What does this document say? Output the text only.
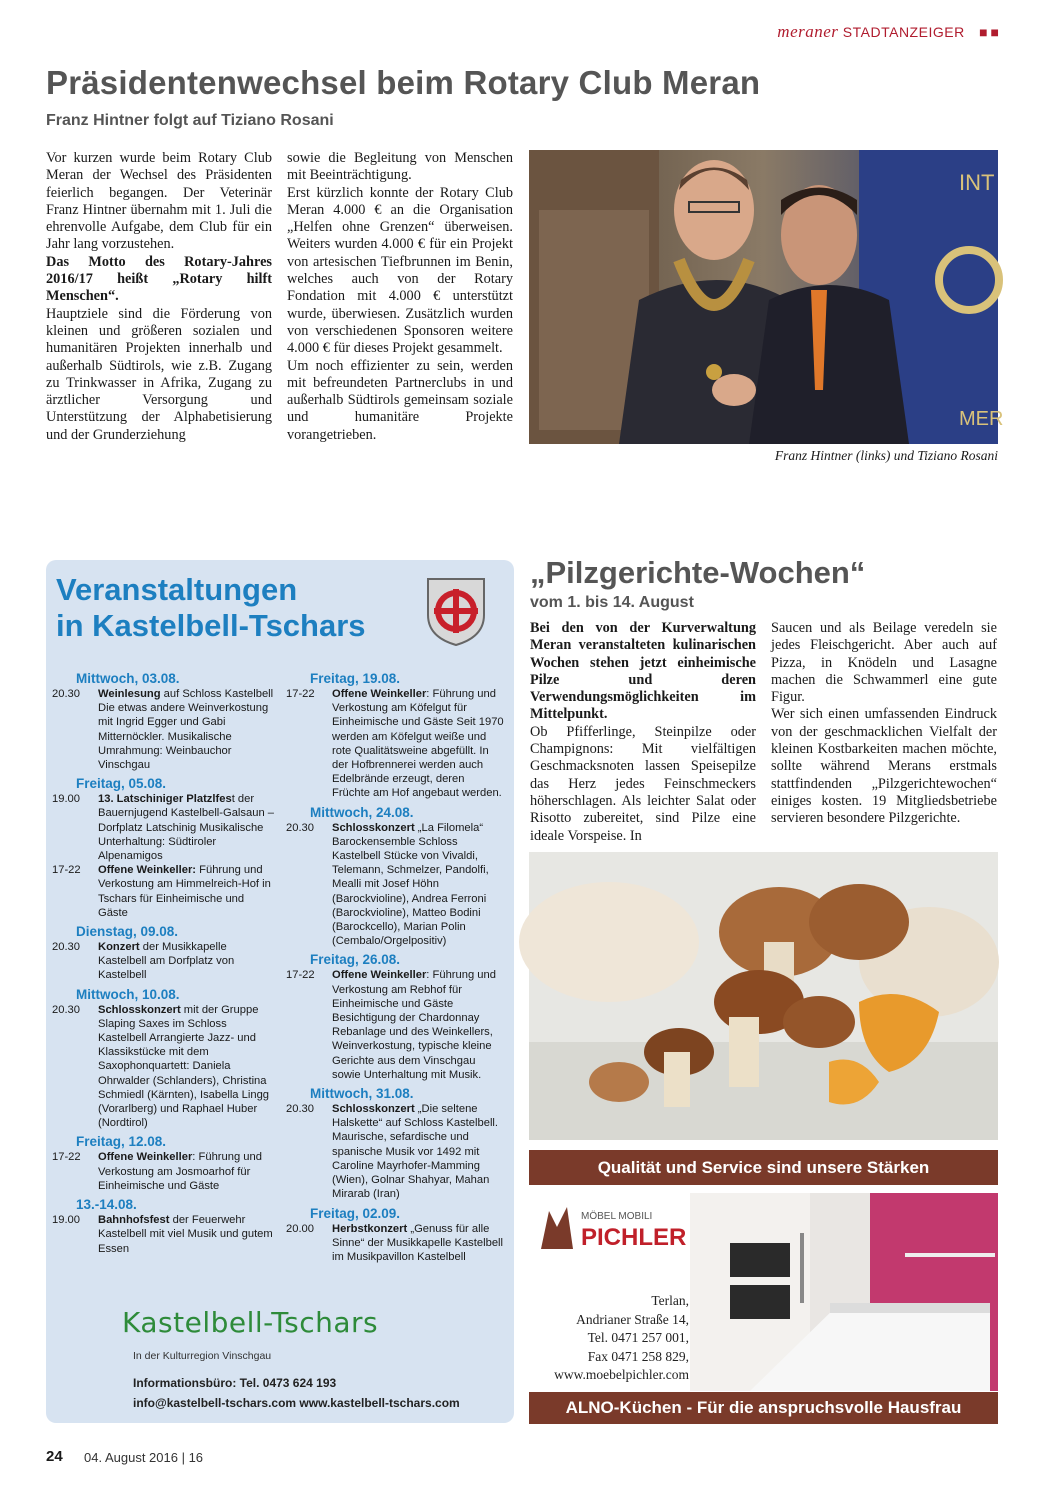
meraner STADTANZEIGER ■■
Präsidentenwechsel beim Rotary Club Meran
Franz Hintner folgt auf Tiziano Rosani

Vor kurzen wurde beim Rotary Club Meran der Wechsel des Präsidenten feierlich begangen. Der Veterinär Franz Hintner übernahm mit 1. Juli die ehrenvolle Aufgabe, dem Club für ein Jahr lang vorzustehen.

Das Motto des Rotary-Jahres 2016/17 heißt „Rotary hilft Menschen“.

Hauptziele sind die Förderung von kleinen und größeren sozialen und humanitären Projekten innerhalb und außerhalb Südtirols, wie z.B. Zugang zu Trinkwasser in Afrika, Zugang zu ärztlicher Versorgung und Unterstützung der Alphabetisierung und der Grunderziehung

sowie die Begleitung von Menschen mit Beeinträchtigung.

Erst kürzlich konnte der Rotary Club Meran 4.000 € an die Organisation „Helfen ohne Grenzen“ überweisen. Weiters wurden 4.000 € für ein Projekt von artesischen Tiefbrunnen im Benin, welches auch von der Rotary Fondation mit 4.000 € unterstützt wurde, überwiesen. Zusätzlich wurden von verschiedenen Sponsoren weitere 4.000 € für dieses Projekt gesammelt.

Um noch effizienter zu sein, werden mit befreundeten Partnerclubs in und außerhalb Südtirols gemeinsam soziale und humanitäre Projekte vorangetrieben.

INT
MER
Franz Hintner (links) und Tiziano Rosani
Veranstaltungen
in Kastelbell-Tschars
Mittwoch, 03.08.
20.30	Weinlesung auf Schloss Kastelbell Die etwas andere Weinverkostung mit Ingrid Egger und Gabi Mitternöckler. Musikalische Umrahmung: Weinbauchor Vinschgau
Freitag, 05.08.
19.00	13. Latschiniger Platzlfest der Bauernjugend Kastelbell-Galsaun – Dorfplatz Latschinig Musikalische Unterhaltung: Südtiroler Alpenamigos
17-22	Offene Weinkeller: Führung und Verkostung am Himmelreich-Hof in Tschars für Einheimische und Gäste
Dienstag, 09.08.
20.30	Konzert der Musikkapelle Kastelbell am Dorfplatz von Kastelbell
Mittwoch, 10.08.
20.30	Schlosskonzert mit der Gruppe Slaping Saxes im Schloss Kastelbell Arrangierte Jazz- und Klassikstücke mit dem Saxophonquartett: Daniela Ohrwalder (Schlanders), Christina Schmiedl (Kärnten), Isabella Lingg (Vorarlberg) und Raphael Huber (Nordtirol)
Freitag, 12.08.
17-22	Offene Weinkeller: Führung und Verkostung am Josmoarhof für Einheimische und Gäste
13.-14.08.
19.00	Bahnhofsfest der Feuerwehr Kastelbell mit viel Musik und gutem Essen
Freitag, 19.08.
17-22	Offene Weinkeller: Führung und Verkostung am Köfelgut für Einheimische und Gäste Seit 1970 werden am Köfelgut weiße und rote Qualitätsweine abgefüllt. In der Hofbrennerei werden auch Edelbrände erzeugt, deren Früchte am Hof angebaut werden.
Mittwoch, 24.08.
20.30	Schlosskonzert „La Filomela“ Barockensemble Schloss Kastelbell Stücke von Vivaldi, Telemann, Schmelzer, Pandolfi, Mealli mit Josef Höhn (Barockvioline), Andrea Ferroni (Barockvioline), Matteo Bodini (Barockcello), Marian Polin (Cembalo/Orgelpositiv)
Freitag, 26.08.
17-22	Offene Weinkeller: Führung und Verkostung am Rebhof für Einheimische und Gäste Besichtigung der Chardonnay Rebanlage und des Weinkellers, Weinverkostung, typische kleine Gerichte aus dem Vinschgau sowie Unterhaltung mit Musik.
Mittwoch, 31.08.
20.30	Schlosskonzert „Die seltene Halskette“ auf Schloss Kastelbell. Maurische, sefardische und spanische Musik vor 1492 mit Caroline Mayrhofer-Mamming (Wien), Golnar Shahyar, Mahan Mirarab (Iran)
Freitag, 02.09.
20.00	Herbstkonzert „Genuss für alle Sinne“ der Musikkapelle Kastelbell im Musikpavillon Kastelbell
Kastelbell-Tschars
In der Kulturregion Vinschgau
Informationsbüro: Tel. 0473 624 193
info@kastelbell-tschars.com www.kastelbell-tschars.com
„Pilzgerichte-Wochen“
vom 1. bis 14. August

Bei den von der Kurverwaltung Meran veranstalteten kulinarischen Wochen stehen jetzt einheimische Pilze und deren Verwendungsmöglichkeiten im Mittelpunkt.

Ob Pfifferlinge, Steinpilze oder Champignons: Mit vielfältigen Geschmacksnoten lassen Speisepilze das Herz jedes Feinschmeckers höherschlagen. Als leichter Salat oder Risotto zubereitet, sind Pilze eine ideale Vorspeise. In

Saucen und als Beilage veredeln sie jedes Fleischgericht. Aber auch auf Pizza, in Knödeln und Lasagne machen die Schwammerl eine gute Figur.

Wer sich einen umfassenden Eindruck von der geschmacklichen Vielfalt der kleinen Kostbarkeiten machen möchte, sollte während Merans erstmals stattfindenden „Pilzgerichtewochen“ einiges kosten. 19 Mitgliedsbetriebe servieren besondere Pilzgerichte.

Qualität und Service sind unsere Stärken
MÖBEL MOBILI
PICHLER
Terlan,
Andrianer Straße 14,
Tel. 0471 257 001,
Fax 0471 258 829,
www.moebelpichler.com
ALNO-Küchen - Für die anspruchsvolle Hausfrau
24 04. August 2016 | 16
